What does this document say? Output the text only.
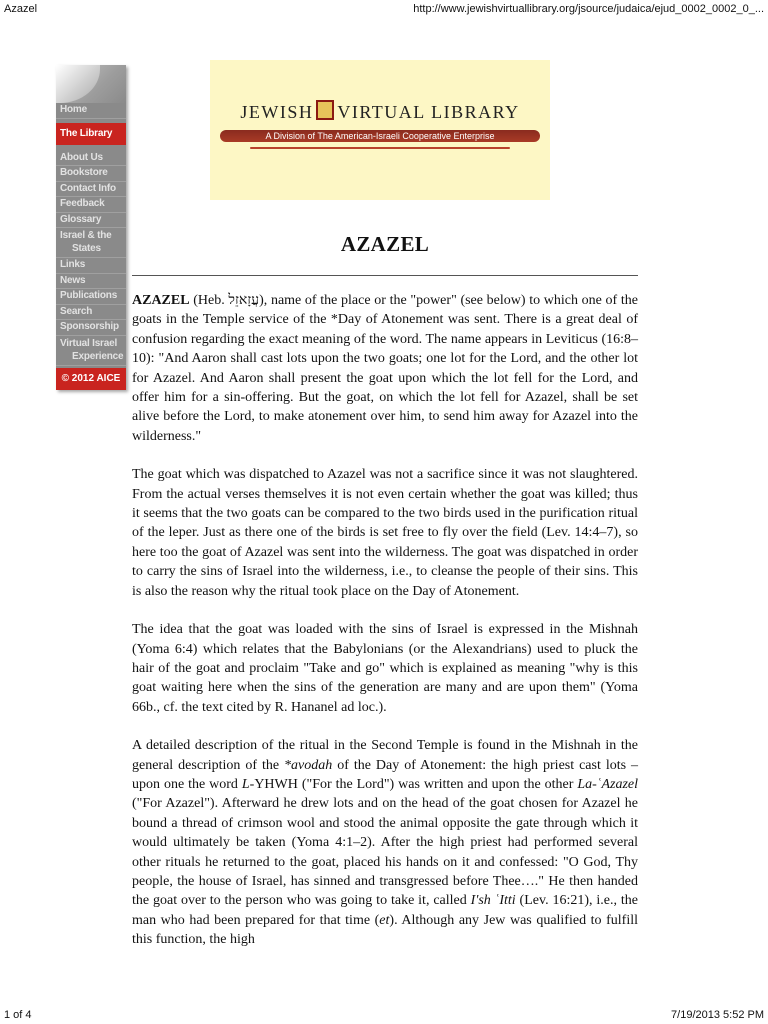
Azazel	http://www.jewishvirtuallibrary.org/jsource/judaica/ejud_0002_0002_0_...
Home
The Library
About Us
Bookstore
Contact Info
Feedback
Glossary
Israel & the
States
Links
News
Publications
Search
Sponsorship
Virtual Israel
Experience
© 2012 AICE
JEWISH VIRTUAL LIBRARY
A Division of The American-Israeli Cooperative Enterprise
AZAZEL

AZAZEL (Heb. עֲזָאזֵל), name of the place or the "power" (see below) to which one of the goats in the Temple service of the *Day of Atonement was sent. There is a great deal of confusion regarding the exact meaning of the word. The name appears in Leviticus (16:8–10): "And Aaron shall cast lots upon the two goats; one lot for the Lord, and the other lot for Azazel. And Aaron shall present the goat upon which the lot fell for the Lord, and offer him for a sin-offering. But the goat, on which the lot fell for Azazel, shall be set alive before the Lord, to make atonement over him, to send him away for Azazel into the wilderness."

The goat which was dispatched to Azazel was not a sacrifice since it was not slaughtered. From the actual verses themselves it is not even certain whether the goat was killed; thus it seems that the two goats can be compared to the two birds used in the purification ritual of the leper. Just as there one of the birds is set free to fly over the field (Lev. 14:4–7), so here too the goat of Azazel was sent into the wilderness. The goat was dispatched in order to carry the sins of Israel into the wilderness, i.e., to cleanse the people of their sins. This is also the reason why the ritual took place on the Day of Atonement.

The idea that the goat was loaded with the sins of Israel is expressed in the Mishnah (Yoma 6:4) which relates that the Babylonians (or the Alexandrians) used to pluck the hair of the goat and proclaim "Take and go" which is explained as meaning "why is this goat waiting here when the sins of the generation are many and are upon them" (Yoma 66b., cf. the text cited by R. Hananel ad loc.).

A detailed description of the ritual in the Second Temple is found in the Mishnah in the general description of the *avodah of the Day of Atonement: the high priest cast lots – upon one the word L-YHWH ("For the Lord") was written and upon the other La-ʿAzazel ("For Azazel"). Afterward he drew lots and on the head of the goat chosen for Azazel he bound a thread of crimson wool and stood the animal opposite the gate through which it would ultimately be taken (Yoma 4:1–2). After the high priest had performed several other rituals he returned to the goat, placed his hands on it and confessed: "O God, Thy people, the house of Israel, has sinned and transgressed before Thee…." He then handed the goat over to the person who was going to take it, called I'sh ʿItti (Lev. 16:21), i.e., the man who had been prepared for that time (et). Although any Jew was qualified to fulfill this function, the high

1 of 4	7/19/2013 5:52 PM
